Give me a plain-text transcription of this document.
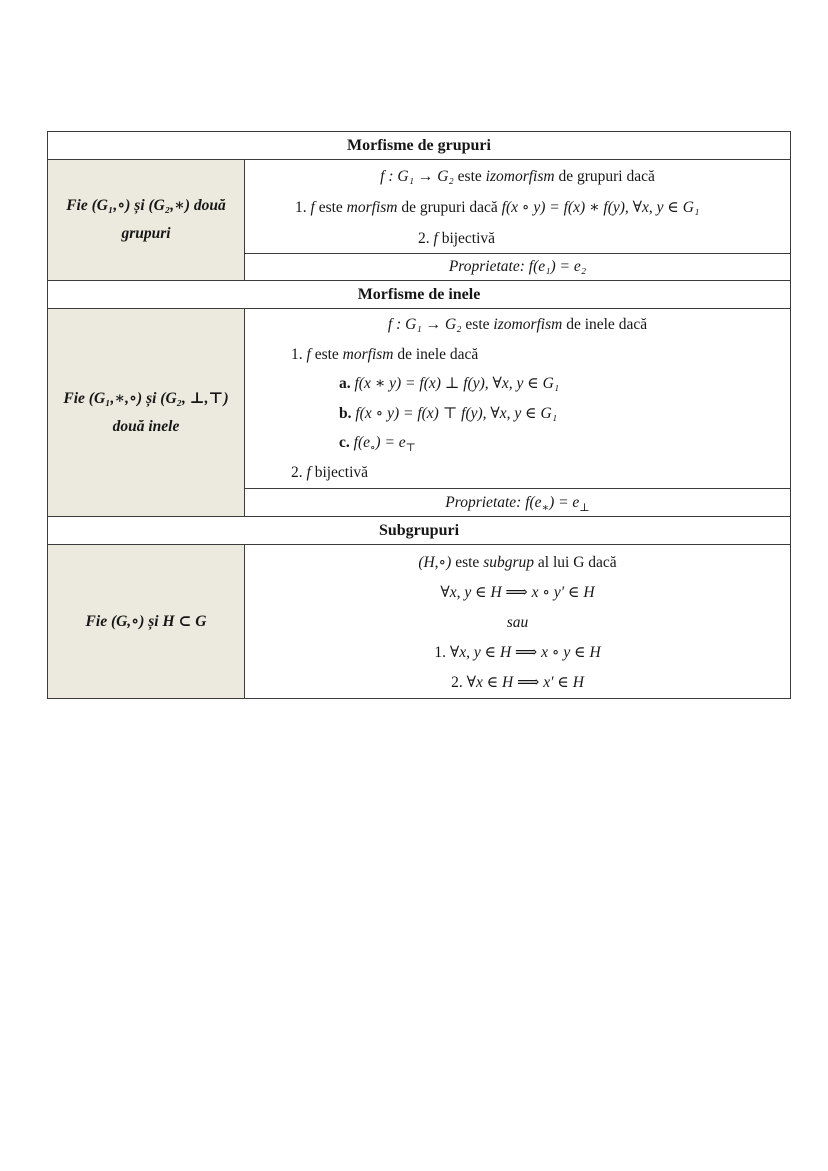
Morfisme de grupuri
Fie (G₁,∘) și (G₂,∗) două
grupuri
f : G₁ → G₂ este izomorfism de grupuri dacă
1. f este morfism de grupuri dacă f(x ∘ y) = f(x) ∗ f(y), ∀x, y ∈ G₁
2. f bijectivă
Proprietate: f(e₁) = e₂
Morfisme de inele
Fie (G₁,∗,∘) și (G₂, ⊥,⊤)
două inele
f : G₁ → G₂ este izomorfism de inele dacă
1. f este morfism de inele dacă
a. f(x ∗ y) = f(x) ⊥ f(y), ∀x, y ∈ G₁
b. f(x ∘ y) = f(x) ⊤ f(y), ∀x, y ∈ G₁
c. $f(e_\circ) = e_⊤$
2. f bijectivă
Proprietate: $f(e_∗) = e_\perp$
Subgrupuri
Fie (G,∘) și H ⊂ G
(H,∘) este subgrup al lui G dacă
∀x, y ∈ H ⟹ x ∘ y′ ∈ H
sau
1. ∀x, y ∈ H ⟹ x ∘ y ∈ H
2. ∀x ∈ H ⟹ x′ ∈ H
